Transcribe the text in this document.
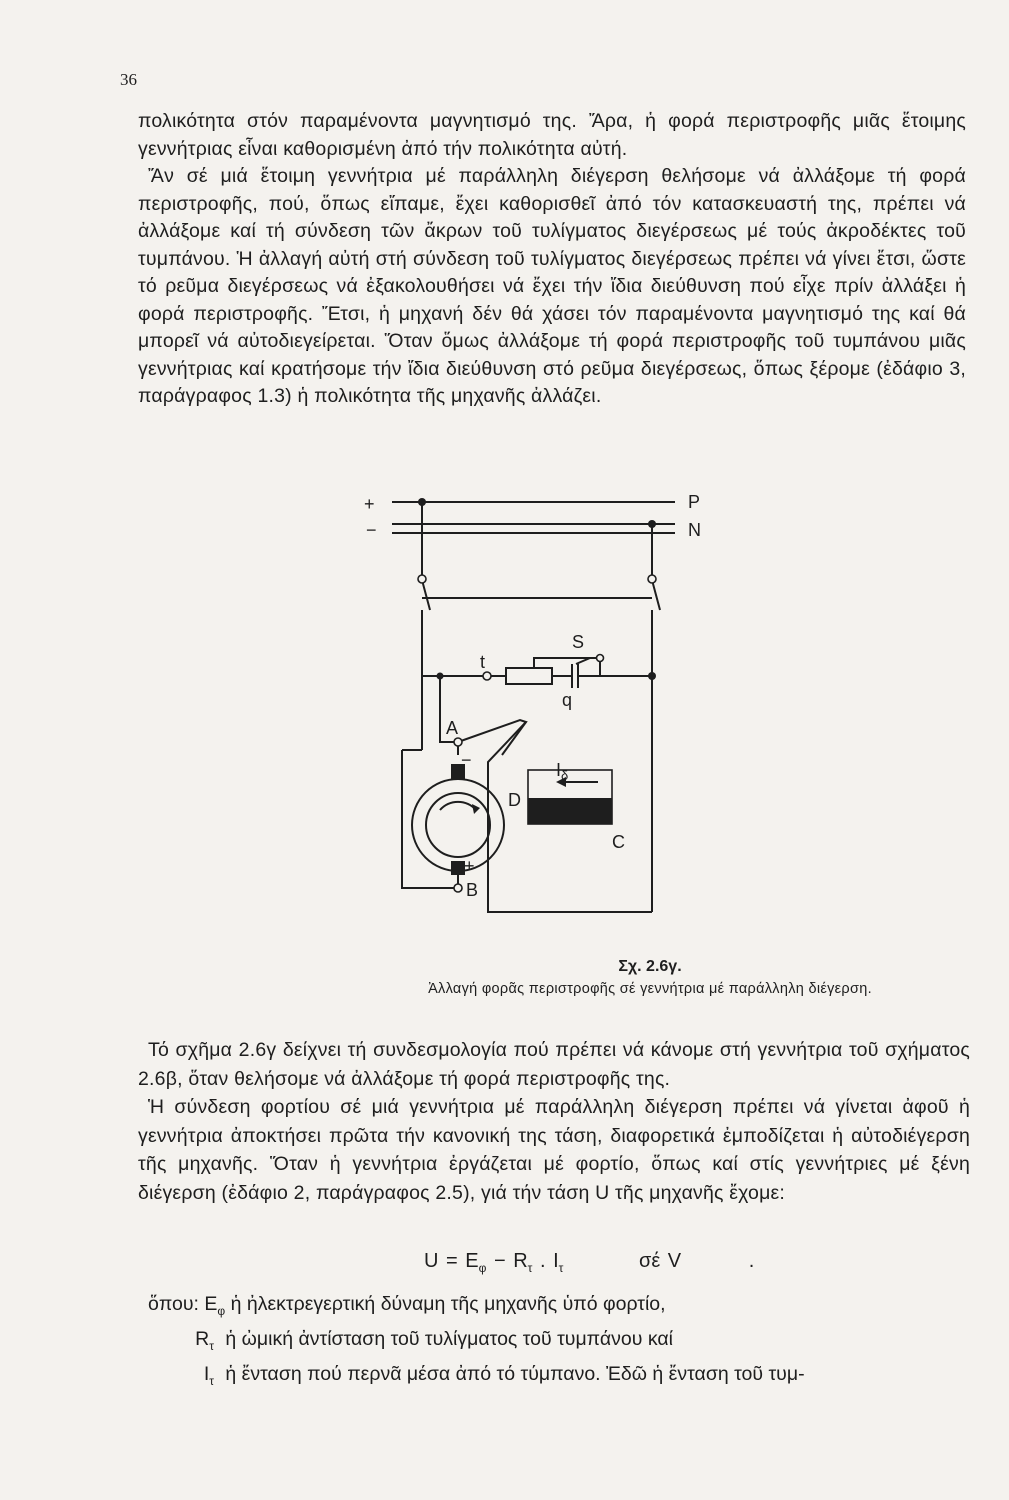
36

πολικότητα στόν παραμένοντα μαγνητισμό της. Ἄρα, ἡ φορά περιστροφῆς μιᾶς ἕτοιμης γεννήτριας εἶναι καθορισμένη ἀπό τήν πολικότητα αὐτή.

Ἄν σέ μιά ἕτοιμη γεννήτρια μέ παράλληλη διέγερση θελήσομε νά ἀλλάξομε τή φορά περιστροφῆς, πού, ὅπως εἴπαμε, ἔχει καθορισθεῖ ἀπό τόν κατασκευαστή της, πρέπει νά ἀλλάξομε καί τή σύνδεση τῶν ἄκρων τοῦ τυλίγματος διεγέρσεως μέ τούς ἀκροδέκτες τοῦ τυμπάνου. Ἡ ἀλλαγή αὐτή στή σύνδεση τοῦ τυλίγματος διεγέρσεως πρέπει νά γίνει ἔτσι, ὥστε τό ρεῦμα διεγέρσεως νά ἐξακολουθήσει νά ἔχει τήν ἴδια διεύθυνση πού εἶχε πρίν ἀλλάξει ἡ φορά περιστροφῆς. Ἔτσι, ἡ μηχανή δέν θά χάσει τόν παραμένοντα μαγνητισμό της καί θά μπορεῖ νά αὐτοδιεγείρεται. Ὅταν ὅμως ἀλλάξομε τή φορά περιστροφῆς τοῦ τυμπάνου μιᾶς γεννήτριας καί κρατήσομε τήν ἴδια διεύθυνση στό ρεῦμα διεγέρσεως, ὅπως ξέρομε (ἐδάφιο 3, παράγραφος 1.3) ἡ πολικότητα τῆς μηχανῆς ἀλλάζει.

+
−
P
N
S
t
q
A
B
C
D
−
+
$I_\delta$
Σχ. 2.6γ.
Ἀλλαγή φορᾶς περιστροφῆς σέ γεννήτρια μέ παράλληλη διέγερση.

Τό σχῆμα 2.6γ δείχνει τή συνδεσμολογία πού πρέπει νά κάνομε στή γεννήτρια τοῦ σχήματος 2.6β, ὅταν θελήσομε νά ἀλλάξομε τή φορά περιστροφῆς της.

Ἡ σύνδεση φορτίου σέ μιά γεννήτρια μέ παράλληλη διέγερση πρέπει νά γίνεται ἀφοῦ ἡ γεννήτρια ἀποκτήσει πρῶτα τήν κανονική της τάση, διαφορετικά ἐμποδίζεται ἡ αὐτοδιέγερση τῆς μηχανῆς. Ὅταν ἡ γεννήτρια ἐργάζεται μέ φορτίο, ὅπως καί στίς γεννήτριες μέ ξένη διέγερση (ἐδάφιο 2, παράγραφος 2.5), γιά τήν τάση U τῆς μηχανῆς ἔχομε:

$U = E_\varphi - R_\tau$ . $I_\tau$	σέ V	.
ὅπου: $E_\varphi$ ἡ ἠλεκτρεγερτική δύναμη τῆς μηχανῆς ὑπό φορτίο,
$R_\tau$ ἡ ὠμική ἀντίσταση τοῦ τυλίγματος τοῦ τυμπάνου καί
$I_\tau$ ἡ ἔνταση πού περνᾶ μέσα ἀπό τό τύμπανο. Ἐδῶ ἡ ἔνταση τοῦ τυμ-
